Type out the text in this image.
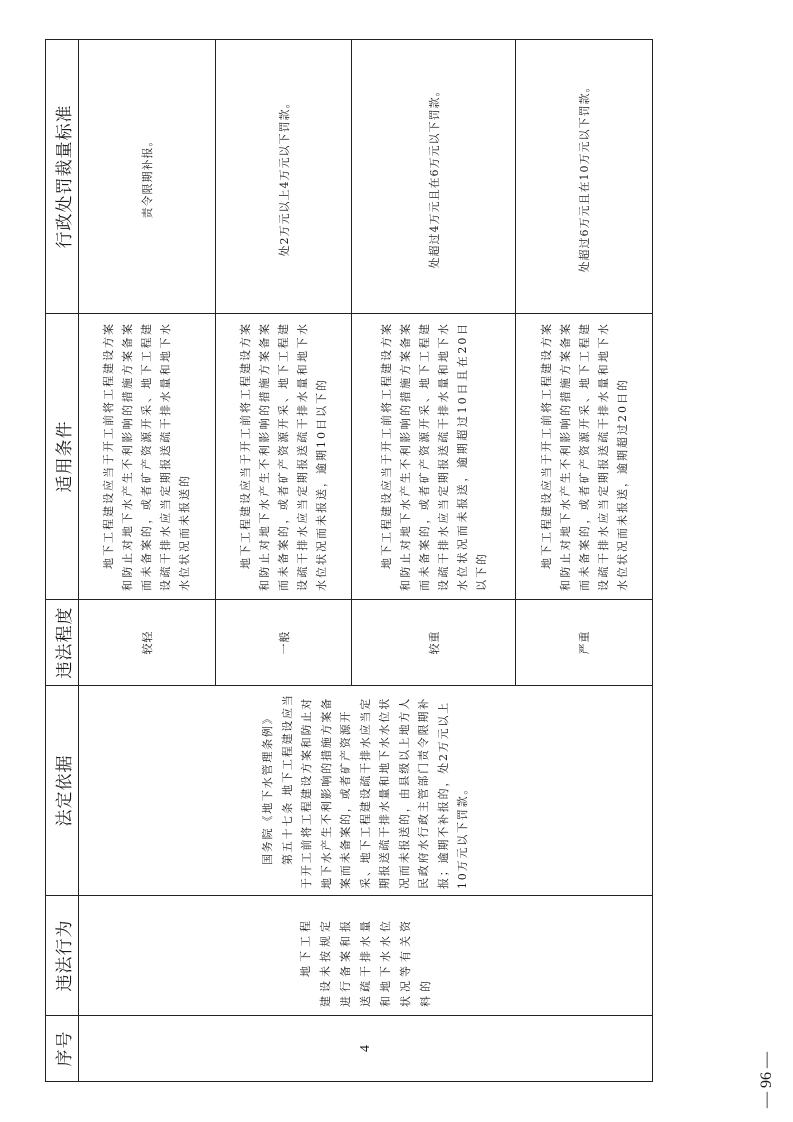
序号	违法行为	法定依据	违法程度	适用条件	行政处罚裁量标准
4	地下工程建设未按规定进行备案和报送疏干排水量和地下水水位状况等有关资料的	国务院《地下水管理条例》 第五十七条 地下工程建设应当于开工前将工程建设方案和防止对地下水产生不利影响的措施方案备案而未备案的，或者矿产资源开采、地下工程建设疏干排水应当定期报送疏干排水量和地下水水位状况而未报送的，由县级以上地方人民政府水行政主管部门责令限期补报；逾期不补报的，处2万元以上10万元以下罚款。	较轻	地下工程建设应当于开工前将工程建设方案和防止对地下水产生不利影响的措施方案备案而未备案的，或者矿产资源开采、地下工程建设疏干排水应当定期报送疏干排水量和地下水水位状况而未报送的	责令限期补报。
			一般	地下工程建设应当于开工前将工程建设方案和防止对地下水产生不利影响的措施方案备案而未备案的，或者矿产资源开采、地下工程建设疏干排水应当定期报送疏干排水量和地下水水位状况而未报送，逾期10日以下的	处2万元以上4万元以下罚款。
			较重	地下工程建设应当于开工前将工程建设方案和防止对地下水产生不利影响的措施方案备案而未备案的，或者矿产资源开采、地下工程建设疏干排水应当定期报送疏干排水量和地下水水位状况而未报送，逾期超过10日且在20日以下的	处超过4万元且在6万元以下罚款。
			严重	地下工程建设应当于开工前将工程建设方案和防止对地下水产生不利影响的措施方案备案而未备案的，或者矿产资源开采、地下工程建设疏干排水应当定期报送疏干排水量和地下水水位状况而未报送，逾期超过20日的	处超过6万元且在10万元以下罚款。
— 96 —
